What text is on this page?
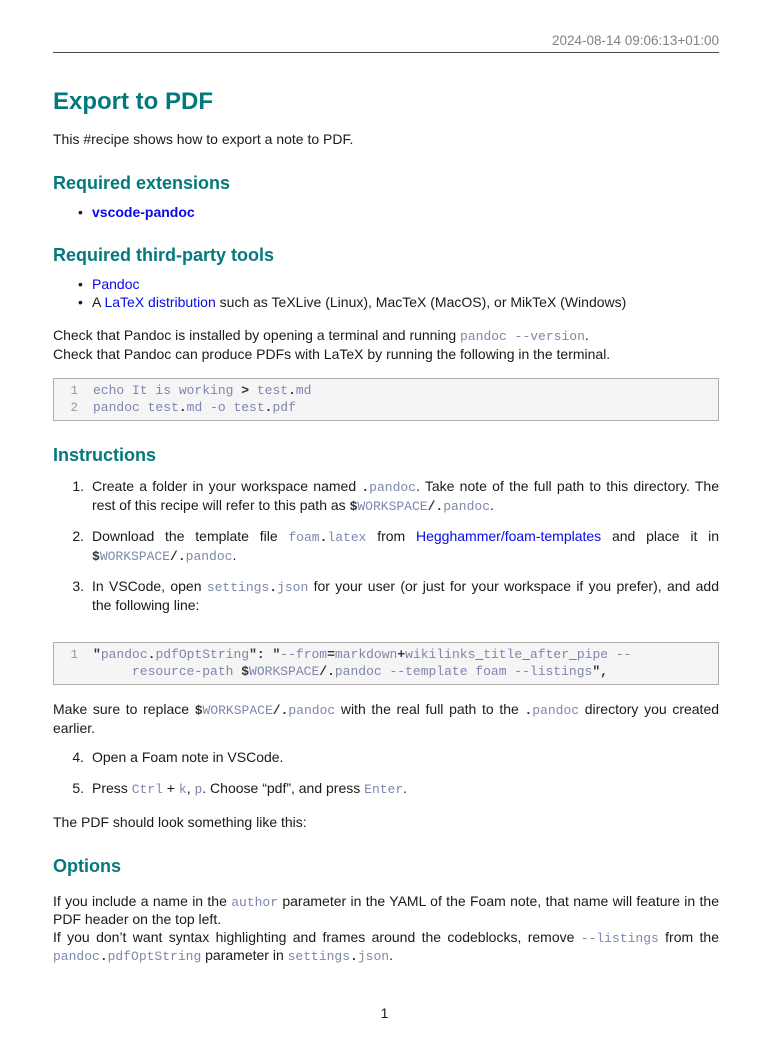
2024-08-14 09:06:13+01:00
Export to PDF

This #recipe shows how to export a note to PDF.

Required extensions
• vscode-pandoc
Required third-party tools
• Pandoc
• A LaTeX distribution such as TeXLive (Linux), MacTeX (MacOS), or MikTeX (Windows)

Check that Pandoc is installed by opening a terminal and running pandoc --version.
Check that Pandoc can produce PDFs with LaTeX by running the following in the terminal.

1 echo It is working > test.md
2 pandoc test.md -o test.pdf
Instructions
1. Create a folder in your workspace named .pandoc. Take note of the full path to this directory. The rest of this recipe will refer to this path as $WORKSPACE/.pandoc.
2. Download the template file foam.latex from Hegghammer/foam-templates and place it in $WORKSPACE/.pandoc.
3. In VSCode, open settings.json for your user (or just for your workspace if you prefer), and add the following line:
1 "pandoc.pdfOptString": "--from=markdown+wikilinks_title_after_pipe --
resource-path $WORKSPACE/.pandoc --template foam --listings",

Make sure to replace $WORKSPACE/.pandoc with the real full path to the .pandoc directory you created earlier.

4. Open a Foam note in VSCode.
5. Press Ctrl + k, p. Choose “pdf”, and press Enter.

The PDF should look something like this:

Options

If you include a name in the author parameter in the YAML of the Foam note, that name will feature in the PDF header on the top left.
If you don’t want syntax highlighting and frames around the codeblocks, remove --listings from the pandoc.pdfOptString parameter in settings.json.

1
